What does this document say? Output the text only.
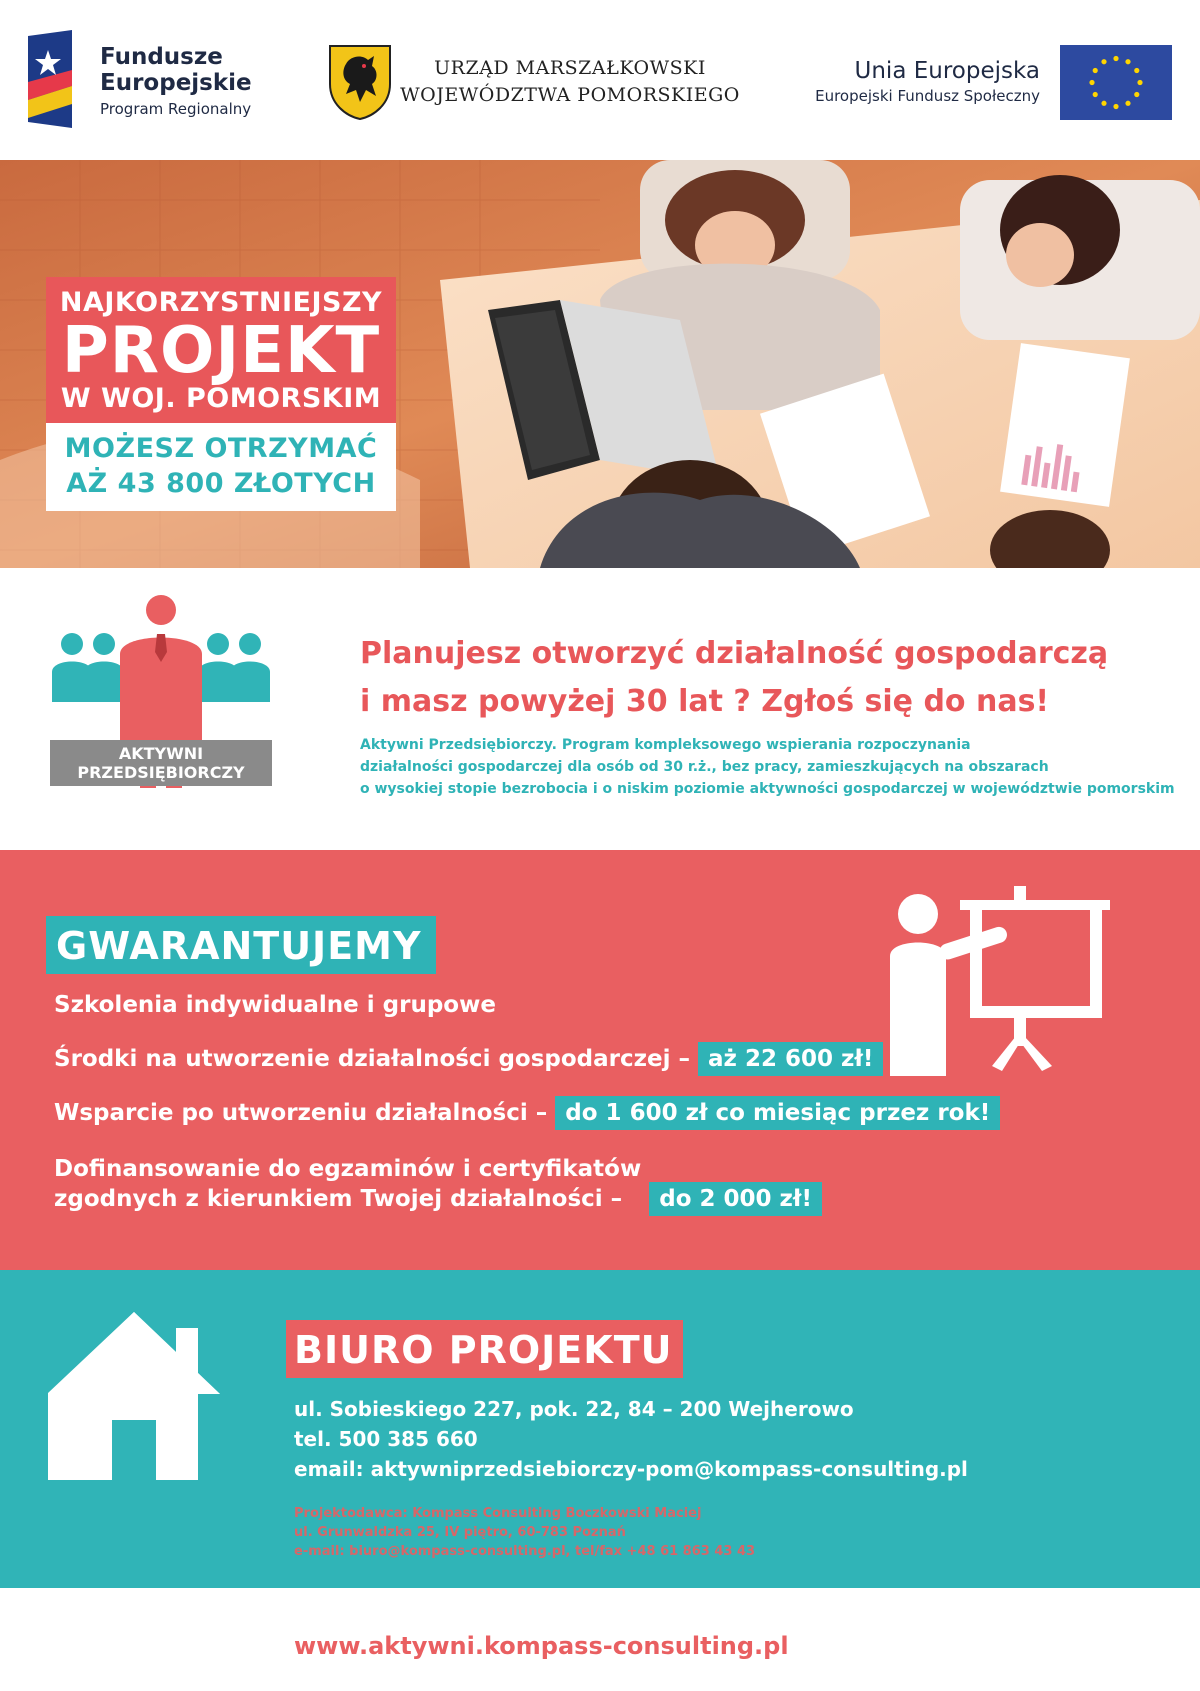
Fundusze
Europejskie
Program Regionalny
URZĄD MARSZAŁKOWSKI
WOJEWÓDZTWA POMORSKIEGO
Unia Europejska
Europejski Fundusz Społeczny
NAJKORZYSTNIEJSZY
PROJEKT
W WOJ. POMORSKIM
MOŻESZ OTRZYMAĆ
AŻ 43 800 ZŁOTYCH
AKTYWNI
PRZEDSIĘBIORCZY
Planujesz otworzyć działalność gospodarczą
i masz powyżej 30 lat ? Zgłoś się do nas!
Aktywni Przedsiębiorczy. Program kompleksowego wspierania rozpoczynania
działalności gospodarczej dla osób od 30 r.ż., bez pracy, zamieszkujących na obszarach
o wysokiej stopie bezrobocia i o niskim poziomie aktywności gospodarczej w województwie pomorskim
GWARANTUJEMY
Szkolenia indywidualne i grupowe
Środki na utworzenie działalności gospodarczej – aż 22 600 zł!
Wsparcie po utworzeniu działalności – do 1 600 zł co miesiąc przez rok!
Dofinansowanie do egzaminów i certyfikatów
zgodnych z kierunkiem Twojej działalności –	do 2 000 zł!
BIURO PROJEKTU
ul. Sobieskiego 227, pok. 22, 84 – 200 Wejherowo
tel. 500 385 660
email: aktywniprzedsiebiorczy-pom@kompass-consulting.pl
Projektodawca: Kompass Consulting Boczkowski Maciej
ul. Grunwaldzka 25, IV piętro, 60-783 Poznań
e-mail: biuro@kompass-consulting.pl, tel/fax +48 61 863 43 43
www.aktywni.kompass-consulting.pl
